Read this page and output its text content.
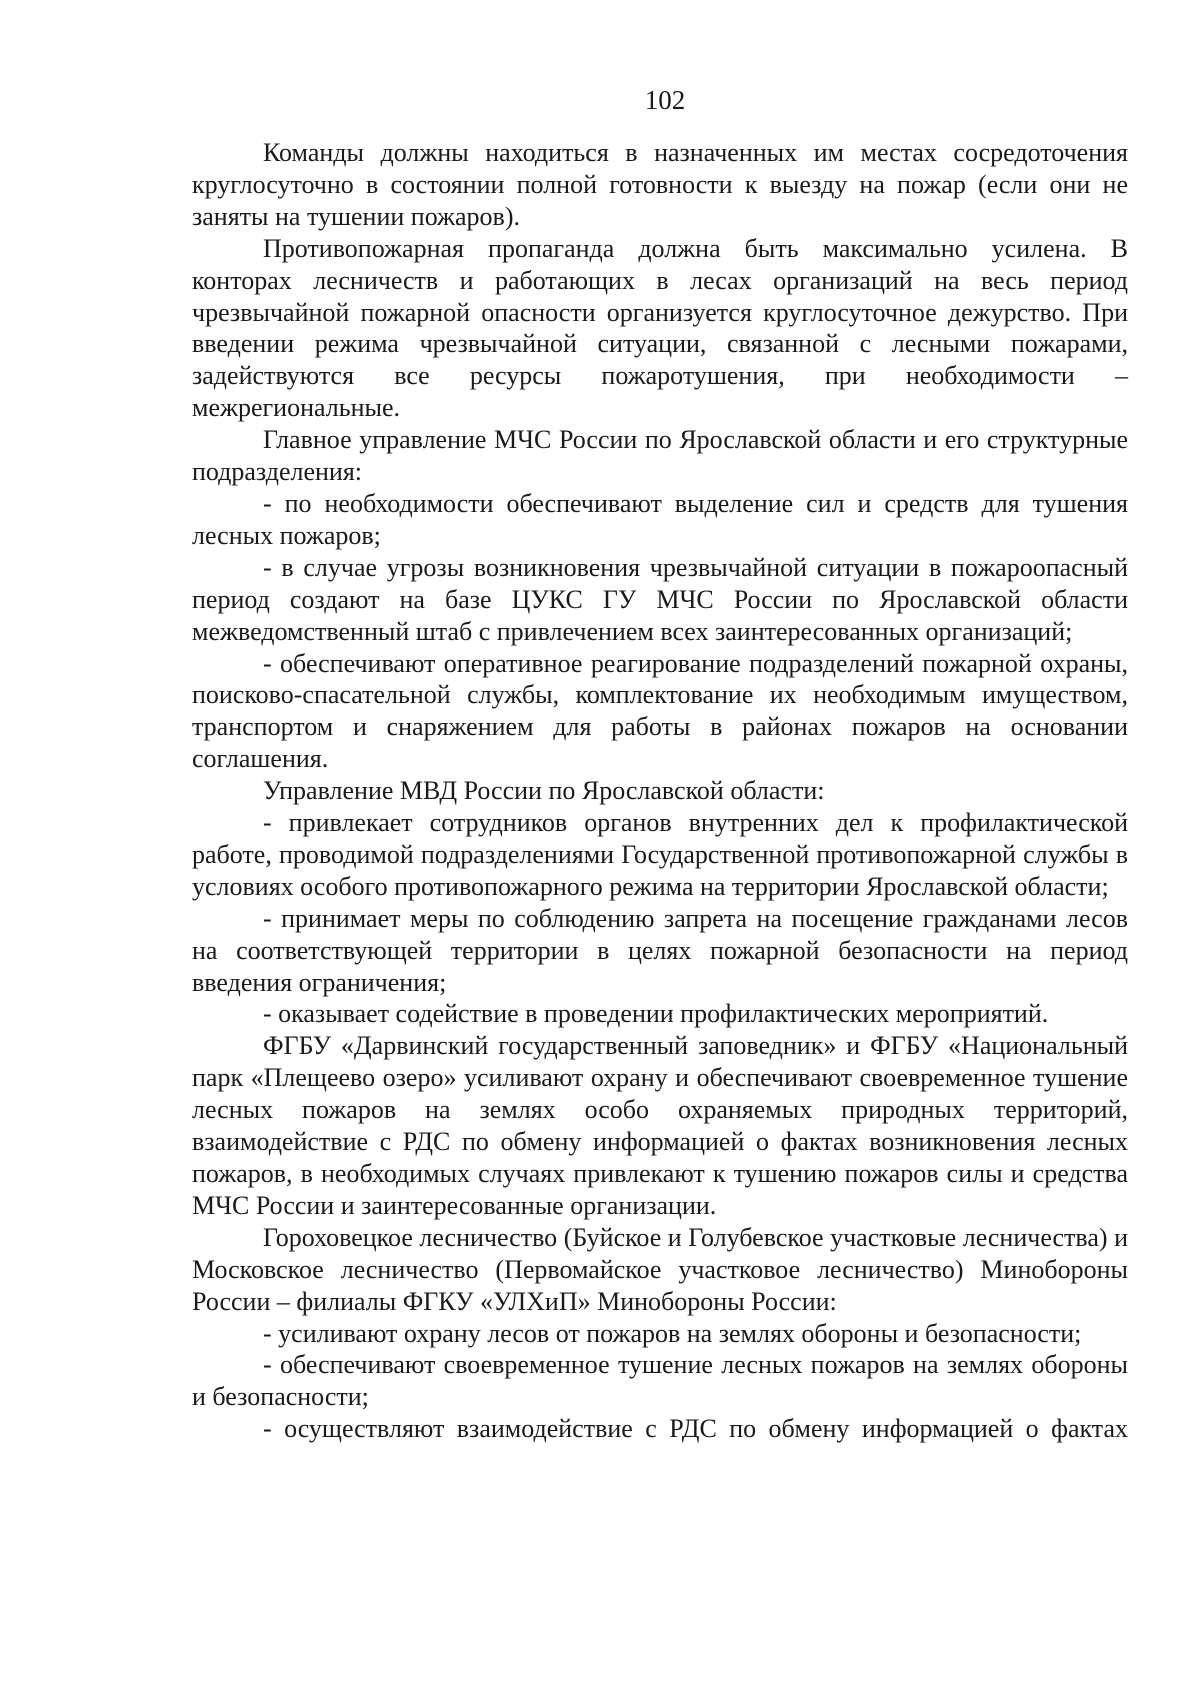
102

Команды должны находиться в назначенных им местах сосредоточения круглосуточно в состоянии полной готовности к выезду на пожар (если они не заняты на тушении пожаров).

Противопожарная пропаганда должна быть максимально усилена. В конторах лесничеств и работающих в лесах организаций на весь период чрезвычайной пожарной опасности организуется круглосуточное дежурство. При введении режима чрезвычайной ситуации, связанной с лесными пожарами, задействуются все ресурсы пожаротушения, при необходимости – межрегиональные.

Главное управление МЧС России по Ярославской области и его структурные подразделения:

- по необходимости обеспечивают выделение сил и средств для тушения лесных пожаров;

- в случае угрозы возникновения чрезвычайной ситуации в пожароопасный период создают на базе ЦУКС ГУ МЧС России по Ярославской области межведомственный штаб с привлечением всех заинтересованных организаций;

- обеспечивают оперативное реагирование подразделений пожарной охраны, поисково-спасательной службы, комплектование их необходимым имуществом, транспортом и снаряжением для работы в районах пожаров на основании соглашения.

Управление МВД России по Ярославской области:

- привлекает сотрудников органов внутренних дел к профилактической работе, проводимой подразделениями Государственной противопожарной службы в условиях особого противопожарного режима на территории Ярославской области;

- принимает меры по соблюдению запрета на посещение гражданами лесов на соответствующей территории в целях пожарной безопасности на период введения ограничения;

- оказывает содействие в проведении профилактических мероприятий.

ФГБУ «Дарвинский государственный заповедник» и ФГБУ «Национальный парк «Плещеево озеро» усиливают охрану и обеспечивают своевременное тушение лесных пожаров на землях особо охраняемых природных территорий, взаимодействие с РДС по обмену информацией о фактах возникновения лесных пожаров, в необходимых случаях привлекают к тушению пожаров силы и средства МЧС России и заинтересованные организации.

Гороховецкое лесничество (Буйское и Голубевское участковые лесничества) и Московское лесничество (Первомайское участковое лесничество) Минобороны России – филиалы ФГКУ «УЛХиП» Минобороны России:

- усиливают охрану лесов от пожаров на землях обороны и безопасности;

- обеспечивают своевременное тушение лесных пожаров на землях обороны и безопасности;

- осуществляют взаимодействие с РДС по обмену информацией о фактах
